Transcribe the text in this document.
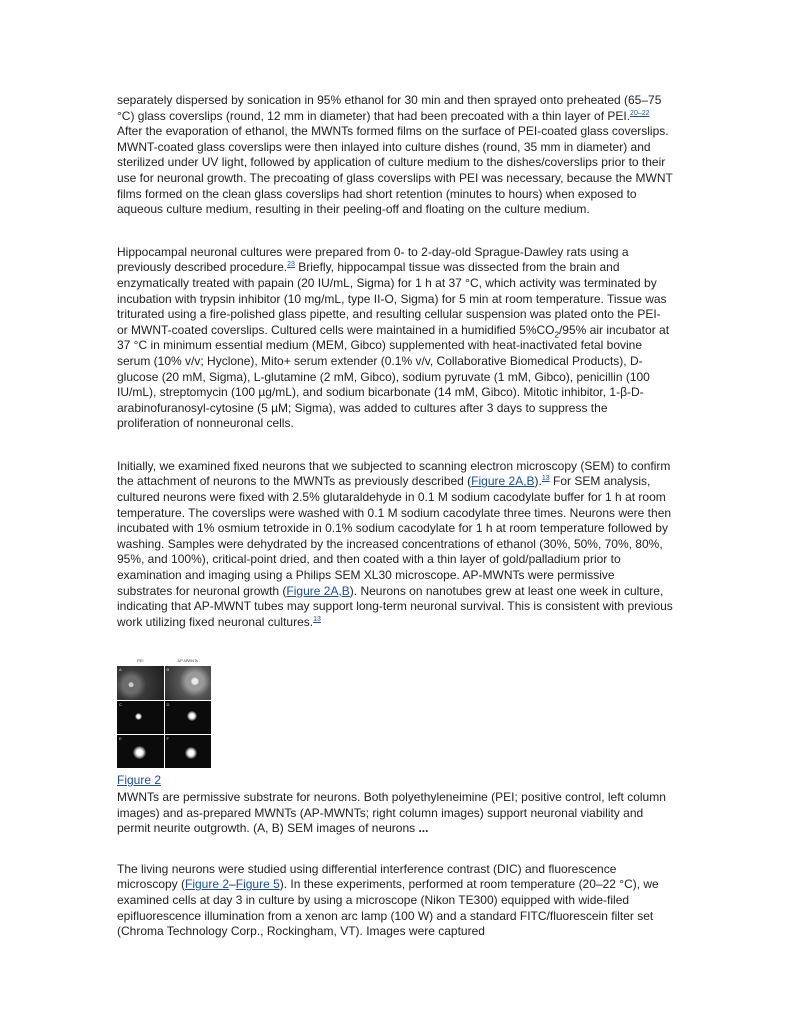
separately dispersed by sonication in 95% ethanol for 30 min and then sprayed onto preheated (65–75 °C) glass coverslips (round, 12 mm in diameter) that had been precoated with a thin layer of PEI.$^{20-22}$ After the evaporation of ethanol, the MWNTs formed films on the surface of PEI-coated glass coverslips. MWNT-coated glass coverslips were then inlayed into culture dishes (round, 35 mm in diameter) and sterilized under UV light, followed by application of culture medium to the dishes/coverslips prior to their use for neuronal growth. The precoating of glass coverslips with PEI was necessary, because the MWNT films formed on the clean glass coverslips had short retention (minutes to hours) when exposed to aqueous culture medium, resulting in their peeling-off and floating on the culture medium.

Hippocampal neuronal cultures were prepared from 0- to 2-day-old Sprague-Dawley rats using a previously described procedure.$^{23}$ Briefly, hippocampal tissue was dissected from the brain and enzymatically treated with papain (20 IU/mL, Sigma) for 1 h at 37 °C, which activity was terminated by incubation with trypsin inhibitor (10 mg/mL, type II-O, Sigma) for 5 min at room temperature. Tissue was triturated using a fire-polished glass pipette, and resulting cellular suspension was plated onto the PEI- or MWNT-coated coverslips. Cultured cells were maintained in a humidified $5\%CO_2/95\%$ air incubator at 37 °C in minimum essential medium (MEM, Gibco) supplemented with heat-inactivated fetal bovine serum (10% v/v; Hyclone), Mito+ serum extender (0.1% v/v, Collaborative Biomedical Products), D-glucose (20 mM, Sigma), L-glutamine (2 mM, Gibco), sodium pyruvate (1 mM, Gibco), penicillin (100 IU/mL), streptomycin (100 µg/mL), and sodium bicarbonate (14 mM, Gibco). Mitotic inhibitor, 1-β-D-arabinofuranosyl-cytosine (5 µM; Sigma), was added to cultures after 3 days to suppress the proliferation of nonneuronal cells.

Initially, we examined fixed neurons that we subjected to scanning electron microscopy (SEM) to confirm the attachment of neurons to the MWNTs as previously described (Figure 2A,B).$^{13}$ For SEM analysis, cultured neurons were fixed with 2.5% glutaraldehyde in 0.1 M sodium cacodylate buffer for 1 h at room temperature. The coverslips were washed with 0.1 M sodium cacodylate three times. Neurons were then incubated with 1% osmium tetroxide in 0.1% sodium cacodylate for 1 h at room temperature followed by washing. Samples were dehydrated by the increased concentrations of ethanol (30%, 50%, 70%, 80%, 95%, and 100%), critical-point dried, and then coated with a thin layer of gold/palladium prior to examination and imaging using a Philips SEM XL30 microscope. AP-MWNTs were permissive substrates for neuronal growth (Figure 2A,B). Neurons on nanotubes grew at least one week in culture, indicating that AP-MWNT tubes may support long-term neuronal survival. This is consistent with previous work utilizing fixed neuronal cultures.$^{13}$

PEI	AP-MWNTs
A	B
C	D
E	F
Figure 2

MWNTs are permissive substrate for neurons. Both polyethyleneimine (PEI; positive control, left column images) and as-prepared MWNTs (AP-MWNTs; right column images) support neuronal viability and permit neurite outgrowth. (A, B) SEM images of neurons ...

The living neurons were studied using differential interference contrast (DIC) and fluorescence microscopy (Figure 2–Figure 5). In these experiments, performed at room temperature (20–22 °C), we examined cells at day 3 in culture by using a microscope (Nikon TE300) equipped with wide-filed epifluorescence illumination from a xenon arc lamp (100 W) and a standard FITC/fluorescein filter set (Chroma Technology Corp., Rockingham, VT). Images were captured
